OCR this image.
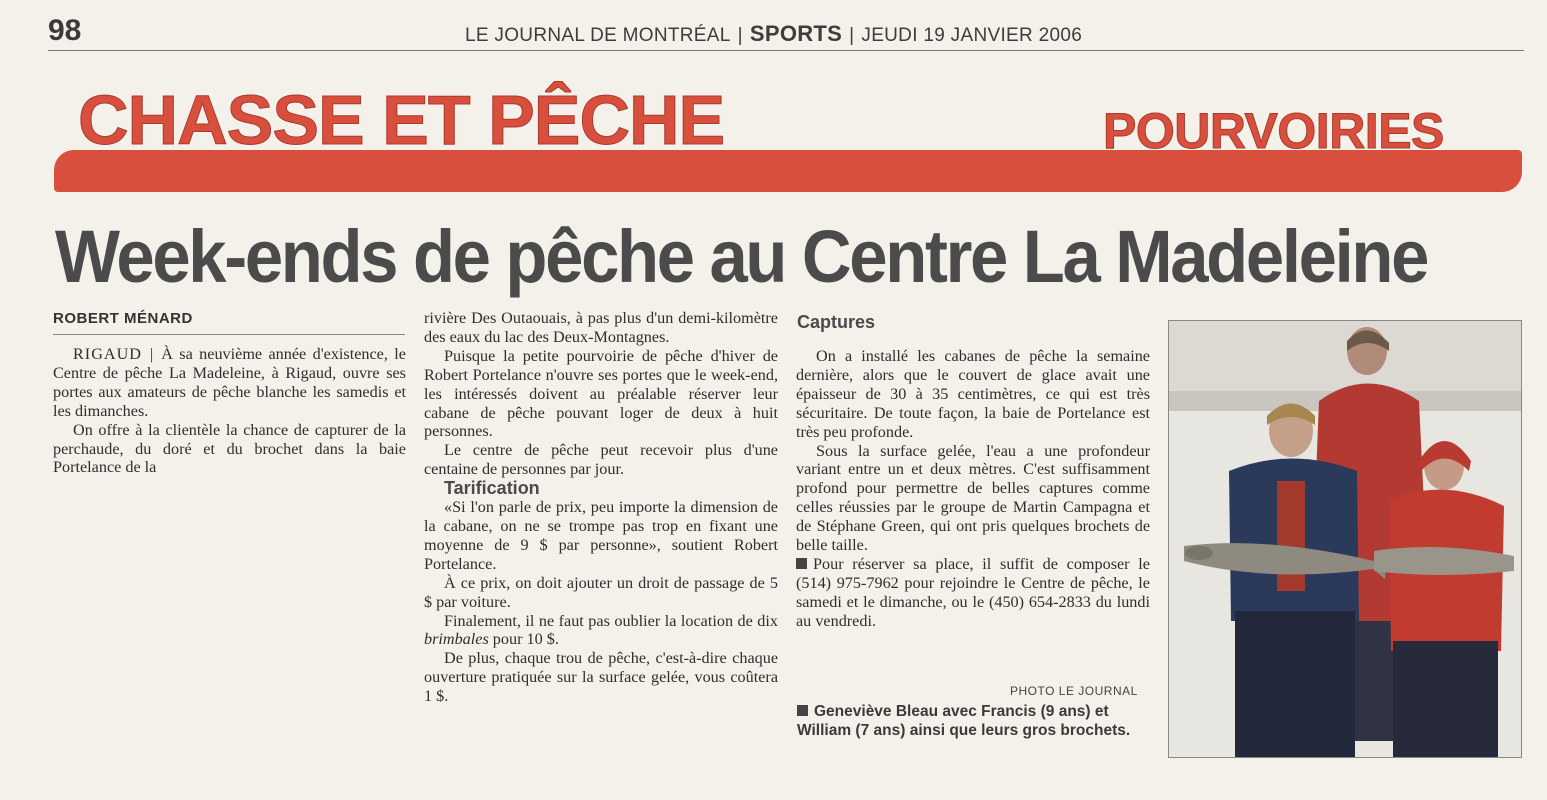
98	LE JOURNAL DE MONTRÉAL | SPORTS | JEUDI 19 JANVIER 2006
CHASSE ET PÊCHE	POURVOIRIES
Week-ends de pêche au Centre La Madeleine
ROBERT MÉNARD

RIGAUD | À sa neuvième année d'existence, le Centre de pêche La Madeleine, à Rigaud, ouvre ses portes aux amateurs de pêche blanche les samedis et les dimanches.

On offre à la clientèle la chance de capturer de la perchaude, du doré et du brochet dans la baie Portelance de la

rivière Des Outaouais, à pas plus d'un demi-kilomètre des eaux du lac des Deux-Montagnes.

Puisque la petite pourvoirie de pêche d'hiver de Robert Portelance n'ouvre ses portes que le week-end, les intéressés doivent au préalable réserver leur cabane de pêche pouvant loger de deux à huit personnes.

Le centre de pêche peut recevoir plus d'une centaine de personnes par jour.

Tarification

«Si l'on parle de prix, peu importe la dimension de la cabane, on ne se trompe pas trop en fixant une moyenne de 9 $ par personne», soutient Robert Portelance.

À ce prix, on doit ajouter un droit de passage de 5 $ par voiture.

Finalement, il ne faut pas oublier la location de dix brimbales pour 10 $.

De plus, chaque trou de pêche, c'est-à-dire chaque ouverture pratiquée sur la surface gelée, vous coûtera 1 $.

Captures

On a installé les cabanes de pêche la semaine dernière, alors que le couvert de glace avait une épaisseur de 30 à 35 centimètres, ce qui est très sécuritaire. De toute façon, la baie de Portelance est très peu profonde.

Sous la surface gelée, l'eau a une profondeur variant entre un et deux mètres. C'est suffisamment profond pour permettre de belles captures comme celles réussies par le groupe de Martin Campagna et de Stéphane Green, qui ont pris quelques brochets de belle taille.

Pour réserver sa place, il suffit de composer le (514) 975-7962 pour rejoindre le Centre de pêche, le samedi et le dimanche, ou le (450) 654-2833 du lundi au vendredi.

PHOTO LE JOURNAL
Geneviève Bleau avec Francis (9 ans) et William (7 ans) ainsi que leurs gros brochets.
